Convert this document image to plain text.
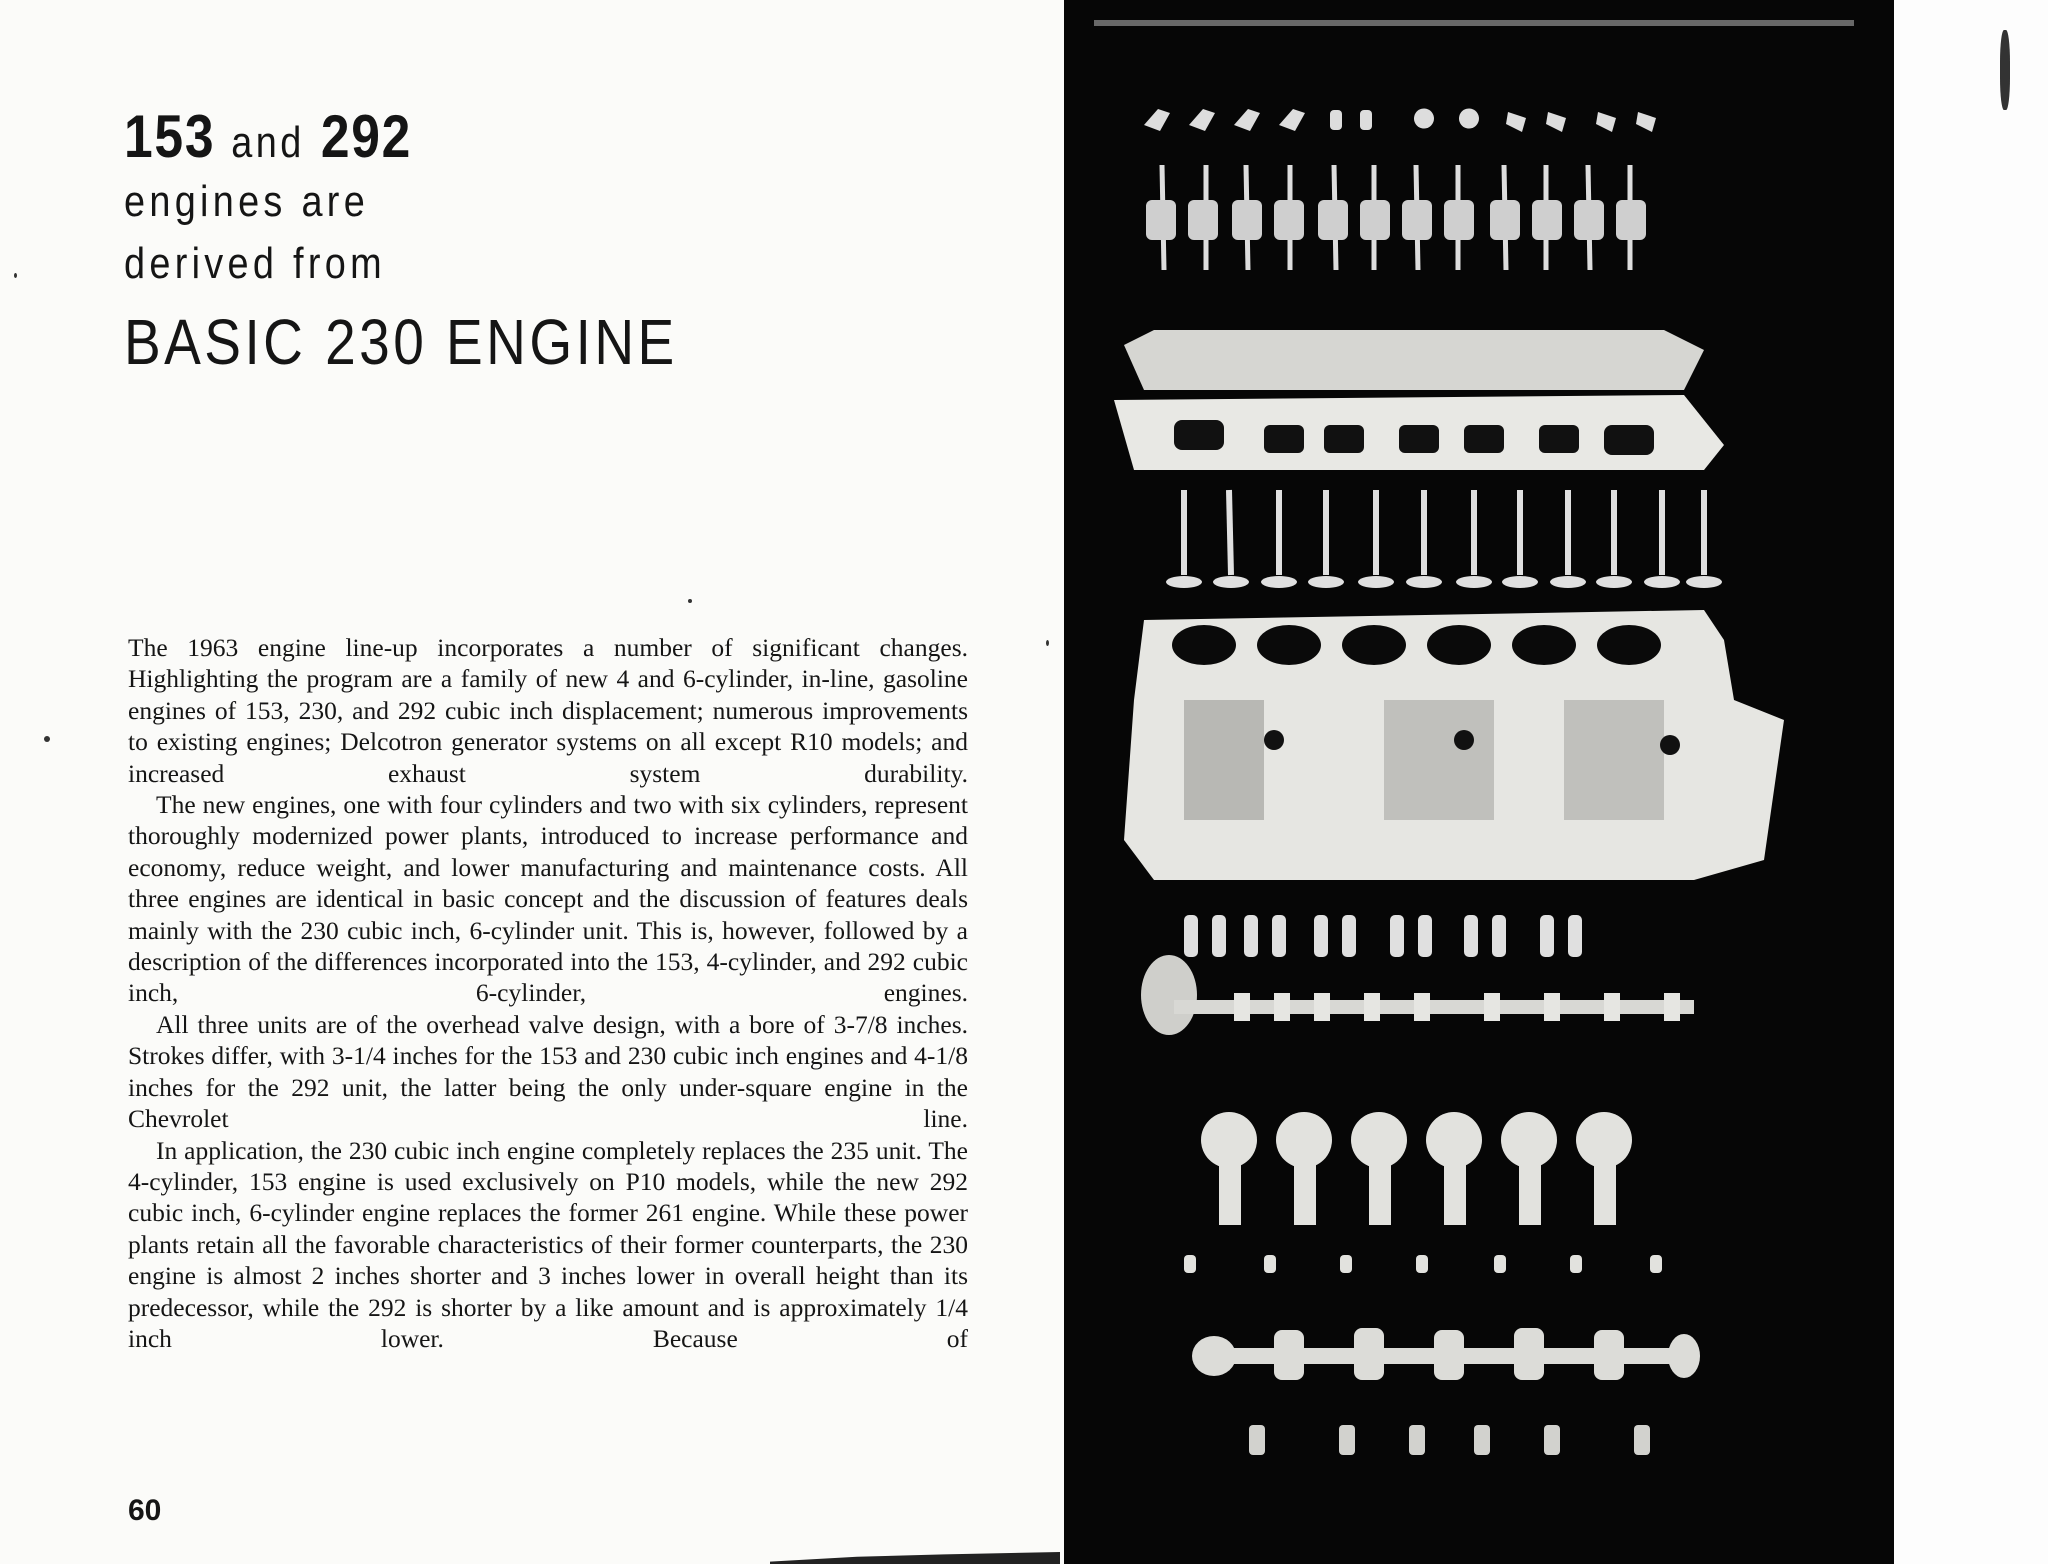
153 and 292
engines are
derived from
BASIC 230 ENGINE

The 1963 engine line-up incorporates a number of significant changes. Highlighting the program are a family of new 4 and 6-cylinder, in-line, gasoline engines of 153, 230, and 292 cubic inch displacement; numerous improvements to existing engines; Delcotron generator systems on all except R10 models; and increased exhaust system durability.

The new engines, one with four cylinders and two with six cylinders, represent thoroughly modernized power plants, introduced to increase performance and economy, reduce weight, and lower manufacturing and maintenance costs. All three engines are identical in basic concept and the discussion of features deals mainly with the 230 cubic inch, 6-cylinder unit. This is, however, followed by a description of the differences incorporated into the 153, 4-cylinder, and 292 cubic inch, 6-cylinder, engines.

All three units are of the overhead valve design, with a bore of 3-7/8 inches. Strokes differ, with 3-1/4 inches for the 153 and 230 cubic inch engines and 4-1/8 inches for the 292 unit, the latter being the only under-square engine in the Chevrolet line.

In application, the 230 cubic inch engine completely replaces the 235 unit. The 4-cylinder, 153 engine is used exclusively on P10 models, while the new 292 cubic inch, 6-cylinder engine replaces the former 261 engine. While these power plants retain all the favorable characteristics of their former counterparts, the 230 engine is almost 2 inches shorter and 3 inches lower in overall height than its predecessor, while the 292 is shorter by a like amount and is approximately 1/4 inch lower. Because of

60
